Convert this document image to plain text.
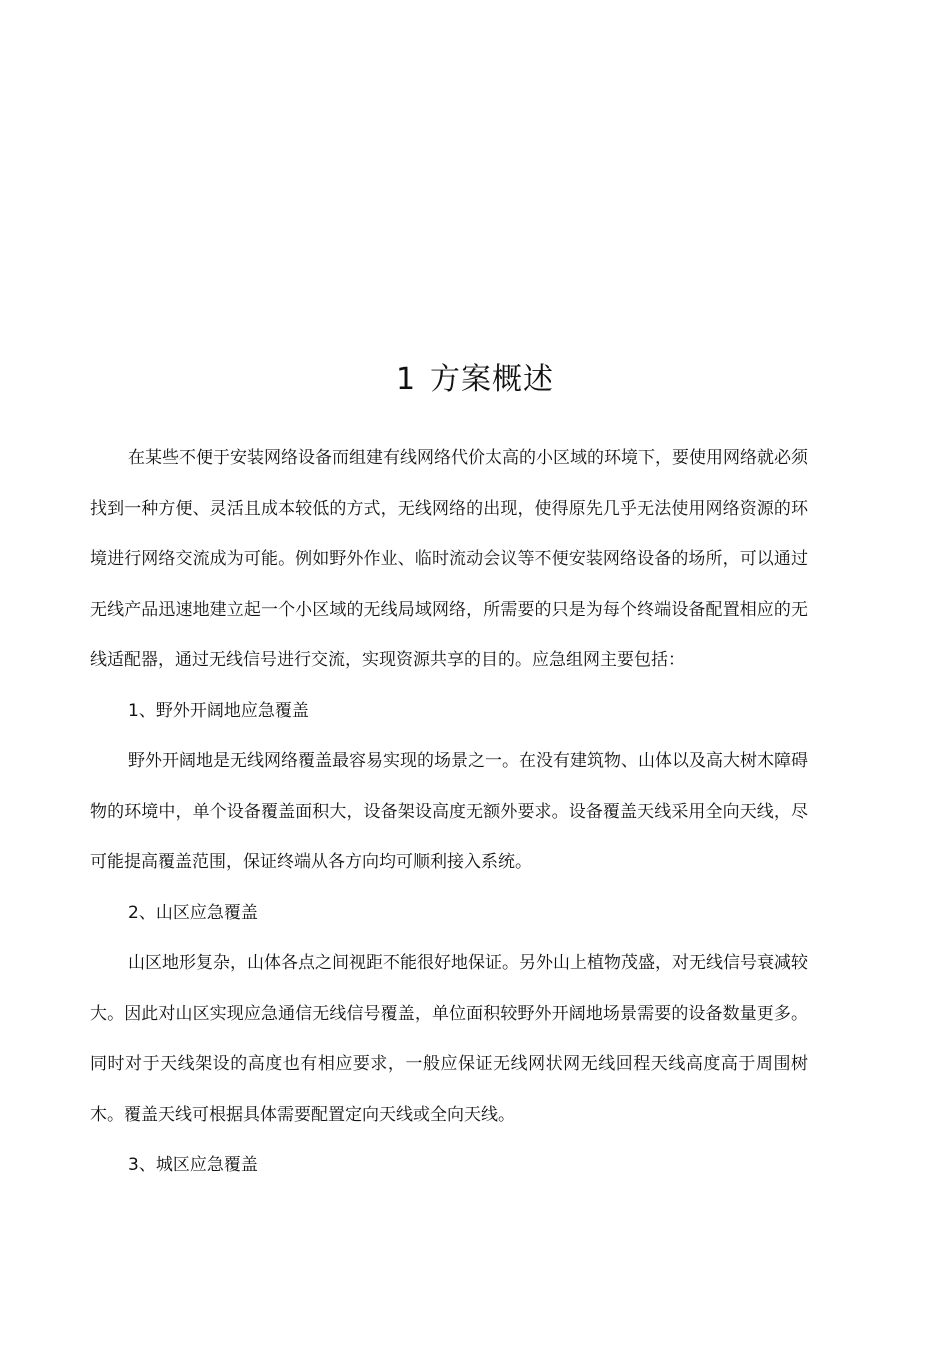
1 方案概述

在某些不便于安装网络设备而组建有线网络代价太高的小区域的环境下，要使用网络就必须找到一种方便、灵活且成本较低的方式，无线网络的出现，使得原先几乎无法使用网络资源的环境进行网络交流成为可能。例如野外作业、临时流动会议等不便安装网络设备的场所，可以通过无线产品迅速地建立起一个小区域的无线局域网络，所需要的只是为每个终端设备配置相应的无线适配器，通过无线信号进行交流，实现资源共享的目的。应急组网主要包括：

1、野外开阔地应急覆盖

野外开阔地是无线网络覆盖最容易实现的场景之一。在没有建筑物、山体以及高大树木障碍物的环境中，单个设备覆盖面积大，设备架设高度无额外要求。设备覆盖天线采用全向天线，尽可能提高覆盖范围，保证终端从各方向均可顺利接入系统。

2、山区应急覆盖

山区地形复杂，山体各点之间视距不能很好地保证。另外山上植物茂盛，对无线信号衰减较大。因此对山区实现应急通信无线信号覆盖，单位面积较野外开阔地场景需要的设备数量更多。同时对于天线架设的高度也有相应要求，一般应保证无线网状网无线回程天线高度高于周围树木。覆盖天线可根据具体需要配置定向天线或全向天线。

3、城区应急覆盖
